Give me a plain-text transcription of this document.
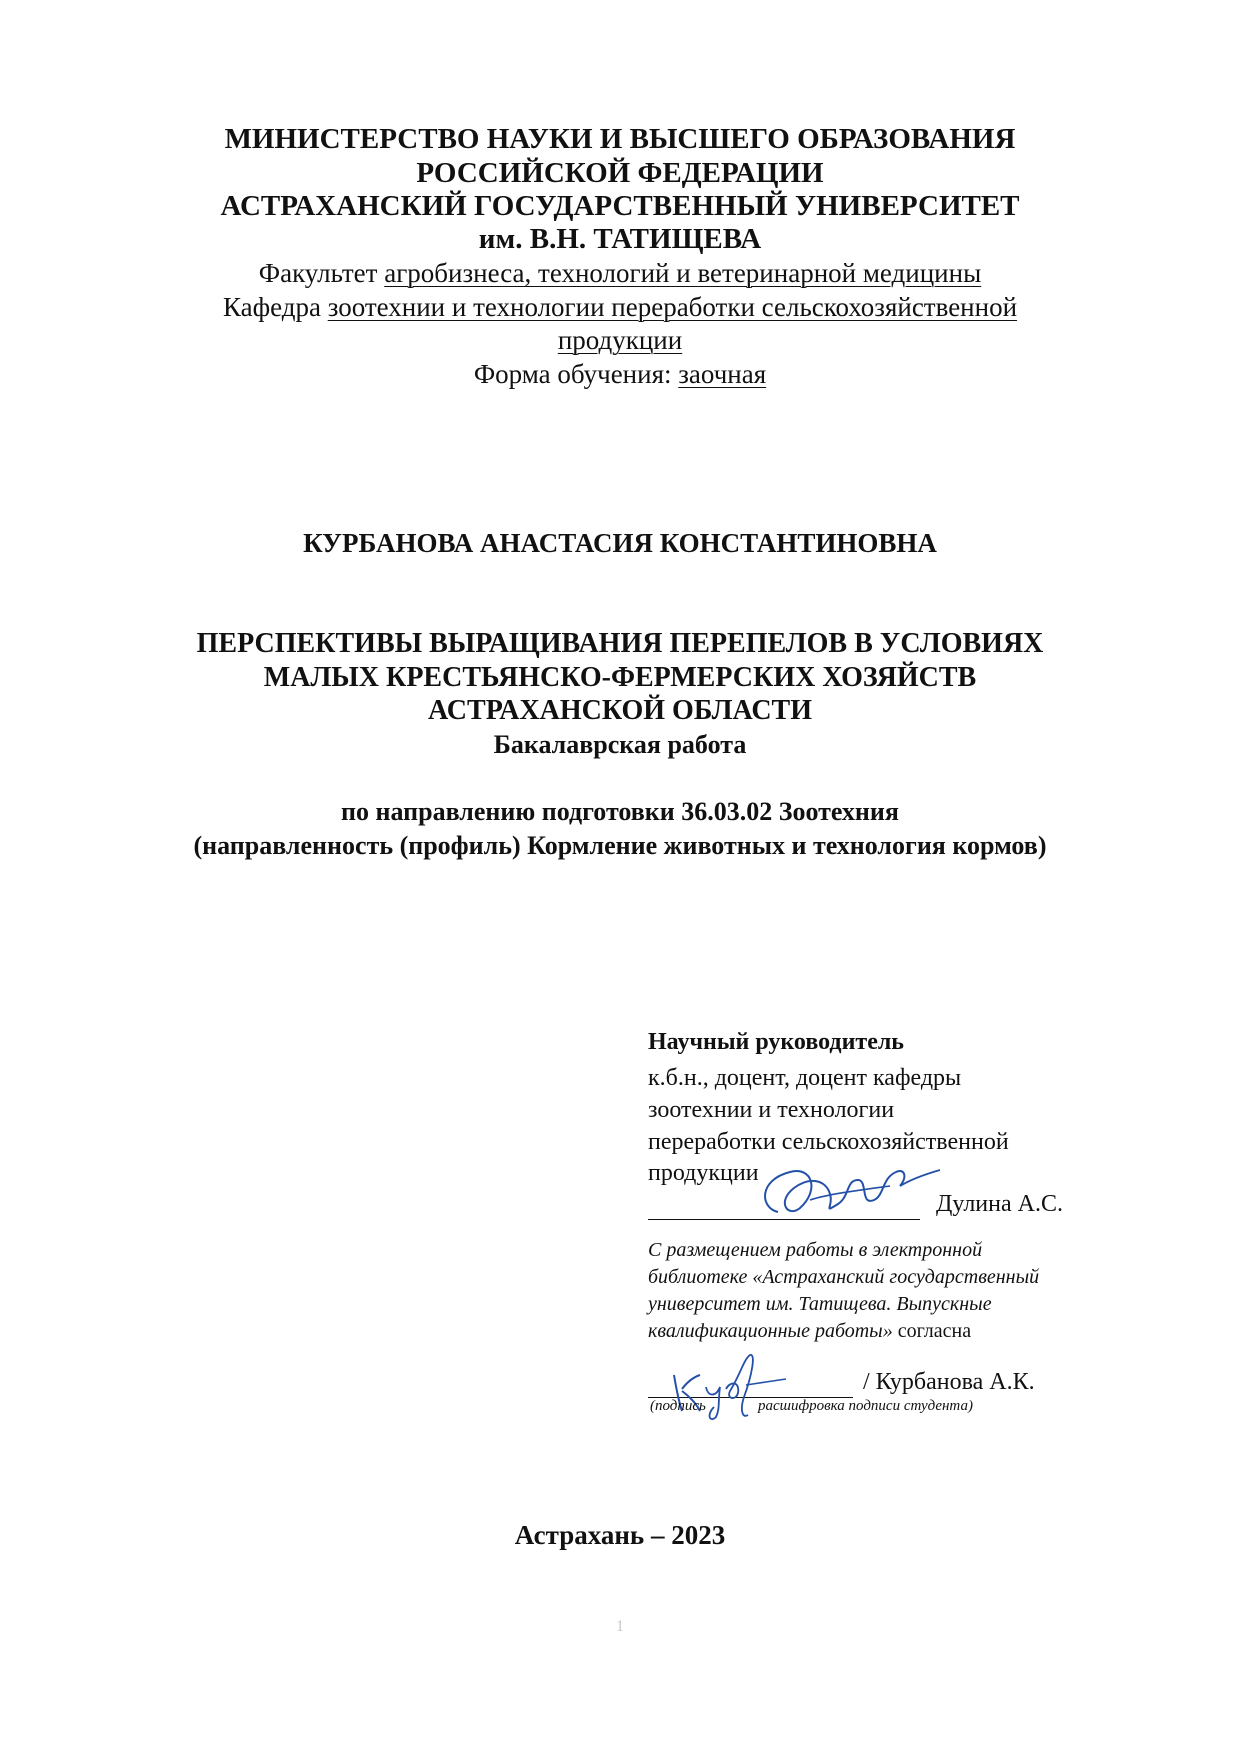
МИНИСТЕРСТВО НАУКИ И ВЫСШЕГО ОБРАЗОВАНИЯ
РОССИЙСКОЙ ФЕДЕРАЦИИ
АСТРАХАНСКИЙ ГОСУДАРСТВЕННЫЙ УНИВЕРСИТЕТ
им. В.Н. ТАТИЩЕВА
Факультет агробизнеса, технологий и ветеринарной медицины
Кафедра зоотехнии и технологии переработки сельскохозяйственной
продукции
Форма обучения: заочная
КУРБАНОВА АНАСТАСИЯ КОНСТАНТИНОВНА
ПЕРСПЕКТИВЫ ВЫРАЩИВАНИЯ ПЕРЕПЕЛОВ В УСЛОВИЯХ
МАЛЫХ КРЕСТЬЯНСКО-ФЕРМЕРСКИХ ХОЗЯЙСТВ
АСТРАХАНСКОЙ ОБЛАСТИ
Бакалаврская работа
по направлению подготовки 36.03.02 Зоотехния
(направленность (профиль) Кормление животных и технология кормов)
Научный руководитель
к.б.н., доцент, доцент кафедры
зоотехнии и технологии
переработки сельскохозяйственной
продукции
Дулина А.С.
С размещением работы в электронной
библиотеке «Астраханский государственный
университет им. Татищева. Выпускные
квалификационные работы» согласна
/ Курбанова А.К.
(подпись	расшифровка подписи студента)
Астрахань – 2023
1
